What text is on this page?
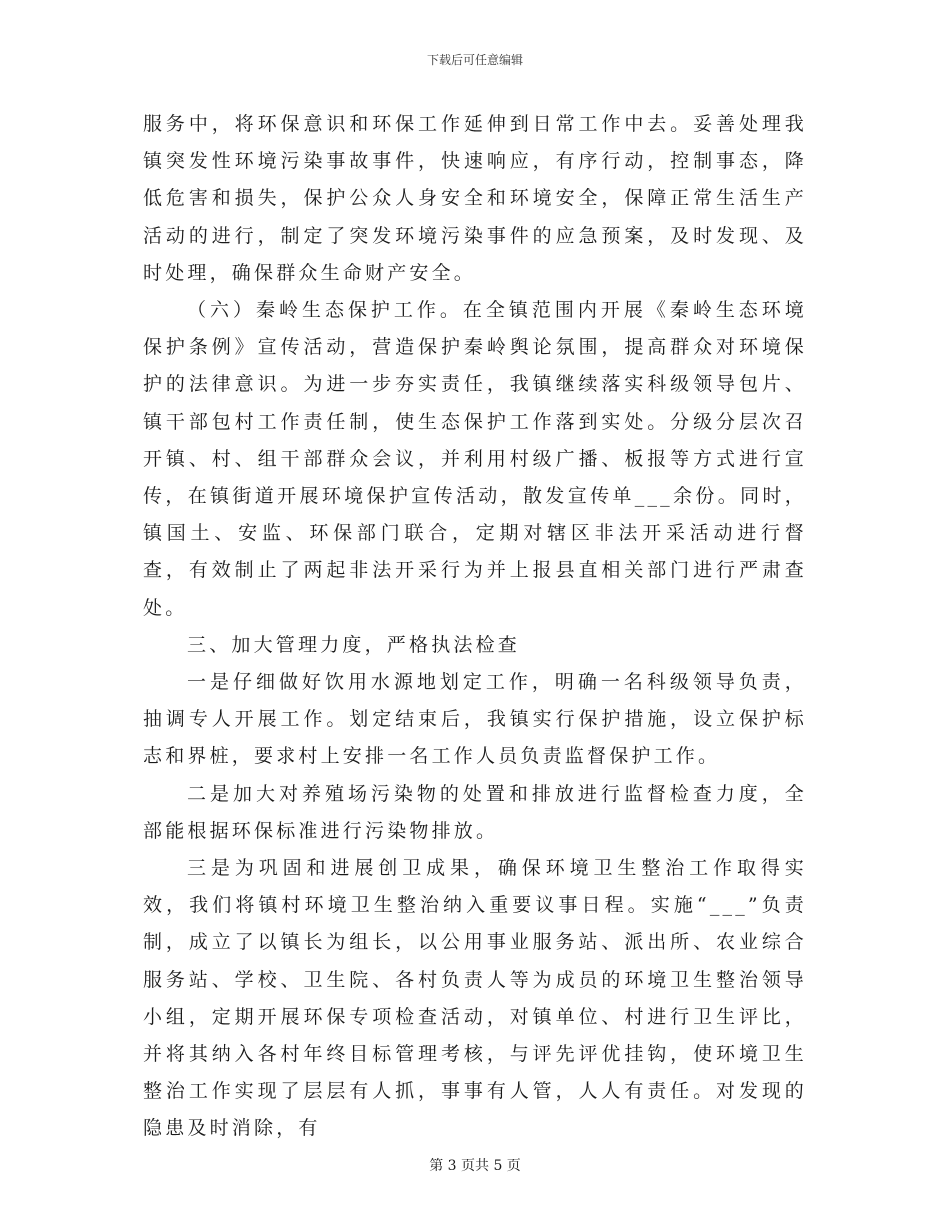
下载后可任意编辑

服务中，将环保意识和环保工作延伸到日常工作中去。妥善处理我镇突发性环境污染事故事件，快速响应，有序行动，控制事态，降低危害和损失，保护公众人身安全和环境安全，保障正常生活生产活动的进行，制定了突发环境污染事件的应急预案，及时发现、及时处理，确保群众生命财产安全。

（六）秦岭生态保护工作。在全镇范围内开展《秦岭生态环境保护条例》宣传活动，营造保护秦岭舆论氛围，提高群众对环境保护的法律意识。为进一步夯实责任，我镇继续落实科级领导包片、镇干部包村工作责任制，使生态保护工作落到实处。分级分层次召开镇、村、组干部群众会议，并利用村级广播、板报等方式进行宣传，在镇街道开展环境保护宣传活动，散发宣传单___余份。同时，镇国土、安监、环保部门联合，定期对辖区非法开采活动进行督查，有效制止了两起非法开采行为并上报县直相关部门进行严肃查处。

三、加大管理力度，严格执法检查

一是仔细做好饮用水源地划定工作，明确一名科级领导负责，抽调专人开展工作。划定结束后，我镇实行保护措施，设立保护标志和界桩，要求村上安排一名工作人员负责监督保护工作。

二是加大对养殖场污染物的处置和排放进行监督检查力度，全部能根据环保标准进行污染物排放。

三是为巩固和进展创卫成果，确保环境卫生整治工作取得实效，我们将镇村环境卫生整治纳入重要议事日程。实施“___”负责制，成立了以镇长为组长，以公用事业服务站、派出所、农业综合服务站、学校、卫生院、各村负责人等为成员的环境卫生整治领导小组，定期开展环保专项检查活动，对镇单位、村进行卫生评比，并将其纳入各村年终目标管理考核，与评先评优挂钩，使环境卫生整治工作实现了层层有人抓，事事有人管，人人有责任。对发现的隐患及时消除，有

第 3 页共 5 页
